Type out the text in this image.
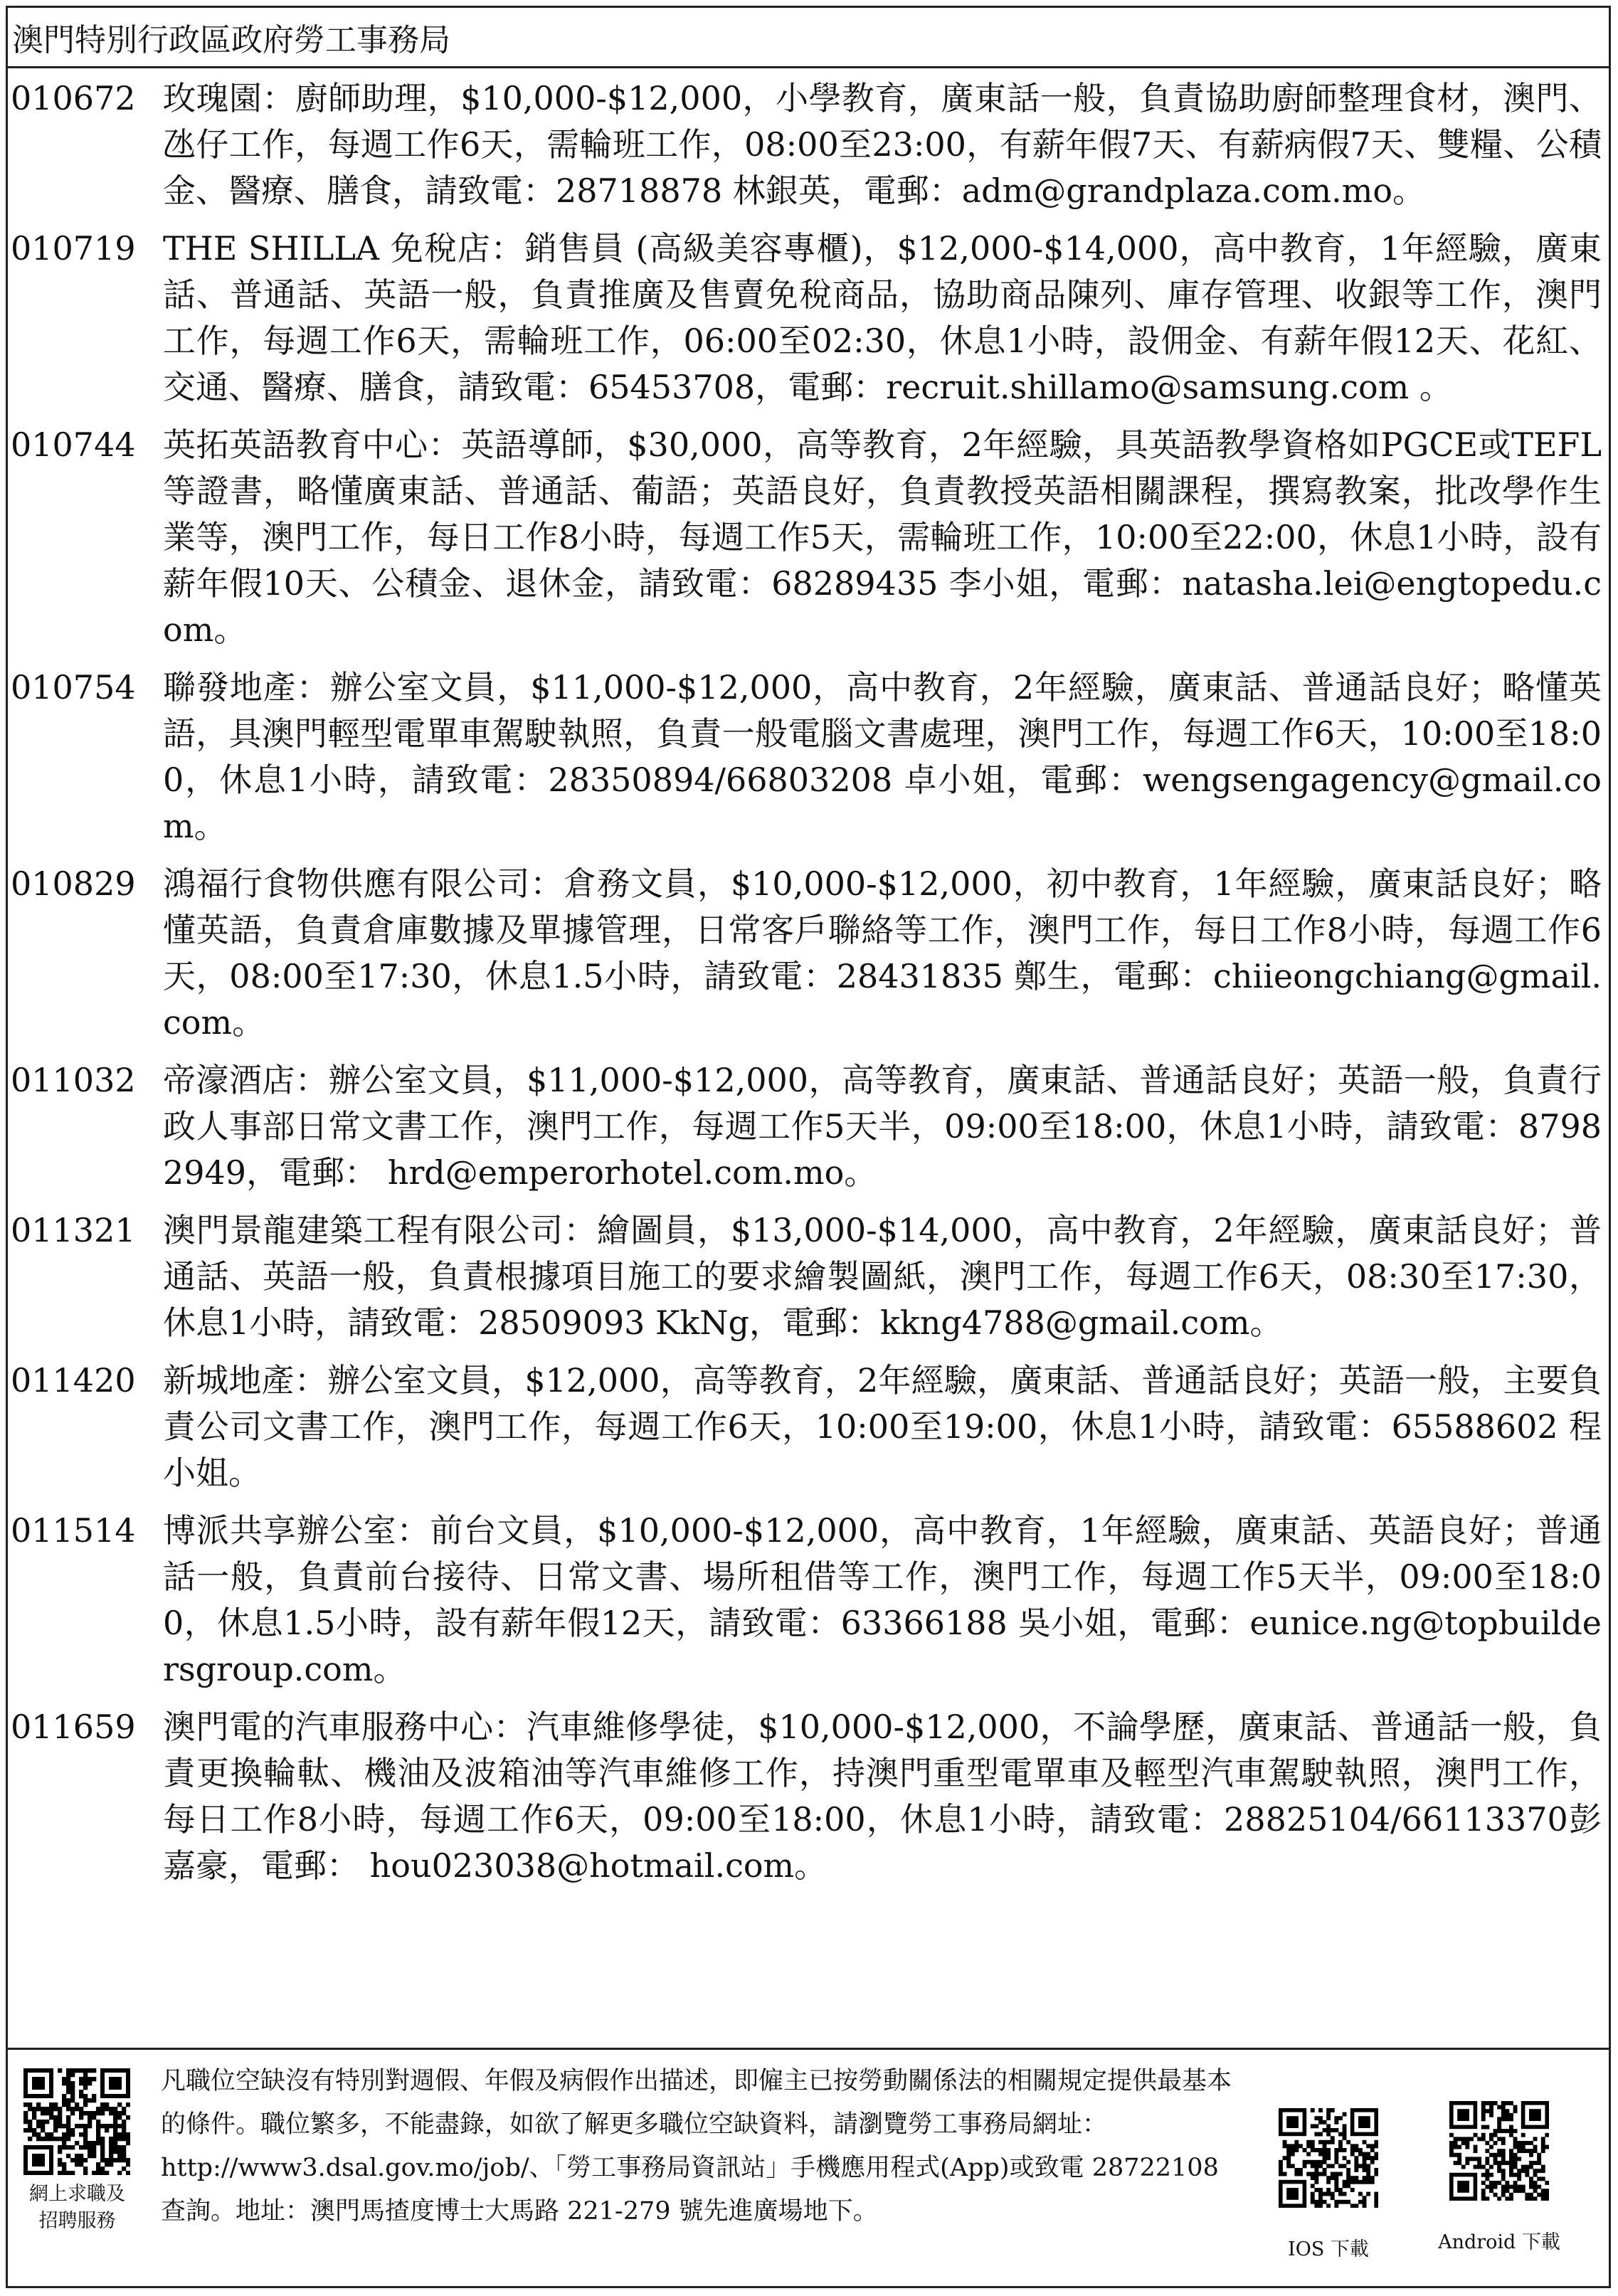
澳門特別行政區政府勞工事務局
010672 玫瑰園：廚師助理，$10,000-$12,000，小學教育，廣東話一般，負責協助廚師整理食材，澳門、氹仔工作，每週工作6天，需輪班工作，08:00至23:00，有薪年假7天、有薪病假7天、雙糧、公積金、醫療、膳食，請致電：28718878 林銀英，電郵：adm@grandplaza.com.mo。
010719 THE SHILLA 免稅店：銷售員 (高級美容專櫃)，$12,000-$14,000，高中教育，1年經驗，廣東話、普通話、英語一般，負責推廣及售賣免稅商品，協助商品陳列、庫存管理、收銀等工作，澳門工作，每週工作6天，需輪班工作，06:00至02:30，休息1小時，設佣金、有薪年假12天、花紅、交通、醫療、膳食，請致電：65453708，電郵：recruit.shillamo@samsung.com 。
010744 英拓英語教育中心：英語導師，$30,000，高等教育，2年經驗，具英語教學資格如PGCE或TEFL等證書，略懂廣東話、普通話、葡語；英語良好，負責教授英語相關課程，撰寫教案，批改學作生業等，澳門工作，每日工作8小時，每週工作5天，需輪班工作，10:00至22:00，休息1小時，設有薪年假10天、公積金、退休金，請致電：68289435 李小姐，電郵：natasha.lei@engtopedu.com。
010754 聯發地產：辦公室文員，$11,000-$12,000，高中教育，2年經驗，廣東話、普通話良好；略懂英語，具澳門輕型電單車駕駛執照，負責一般電腦文書處理，澳門工作，每週工作6天，10:00至18:00，休息1小時，請致電：28350894/66803208 卓小姐，電郵：wengsengagency@gmail.com。
010829 鴻福行食物供應有限公司：倉務文員，$10,000-$12,000，初中教育，1年經驗，廣東話良好；略懂英語，負責倉庫數據及單據管理，日常客戶聯絡等工作，澳門工作，每日工作8小時，每週工作6天，08:00至17:30，休息1.5小時，請致電：28431835 鄭生，電郵：chiieongchiang@gmail.com。
011032 帝濠酒店：辦公室文員，$11,000-$12,000，高等教育，廣東話、普通話良好；英語一般，負責行政人事部日常文書工作，澳門工作，每週工作5天半，09:00至18:00，休息1小時，請致電：87982949，電郵： hrd@emperorhotel.com.mo。
011321 澳門景龍建築工程有限公司：繪圖員，$13,000-$14,000，高中教育，2年經驗，廣東話良好；普通話、英語一般，負責根據項目施工的要求繪製圖紙，澳門工作，每週工作6天，08:30至17:30，休息1小時，請致電：28509093 KkNg，電郵：kkng4788@gmail.com。
011420 新城地產：辦公室文員，$12,000，高等教育，2年經驗，廣東話、普通話良好；英語一般，主要負責公司文書工作，澳門工作，每週工作6天，10:00至19:00，休息1小時，請致電：65588602 程小姐。
011514 博派共享辦公室：前台文員，$10,000-$12,000，高中教育，1年經驗，廣東話、英語良好；普通話一般，負責前台接待、日常文書、場所租借等工作，澳門工作，每週工作5天半，09:00至18:00，休息1.5小時，設有薪年假12天，請致電：63366188 吳小姐，電郵：eunice.ng@topbuildersgroup.com。
011659 澳門電的汽車服務中心：汽車維修學徒，$10,000-$12,000，不論學歷，廣東話、普通話一般，負責更換輪軚、機油及波箱油等汽車維修工作，持澳門重型電單車及輕型汽車駕駛執照，澳門工作，每日工作8小時，每週工作6天，09:00至18:00，休息1小時，請致電：28825104/66113370彭嘉豪，電郵： hou023038@hotmail.com。
網上求職及
招聘服務
凡職位空缺沒有特別對週假、年假及病假作出描述，即僱主已按勞動關係法的相關規定提供最基本的條件。職位繁多，不能盡錄，如欲了解更多職位空缺資料，請瀏覽勞工事務局網址：http://www3.dsal.gov.mo/job/、「勞工事務局資訊站」手機應用程式(App)或致電 28722108 查詢。地址：澳門馬揸度博士大馬路 221-279 號先進廣場地下。
IOS 下載	Android 下載
